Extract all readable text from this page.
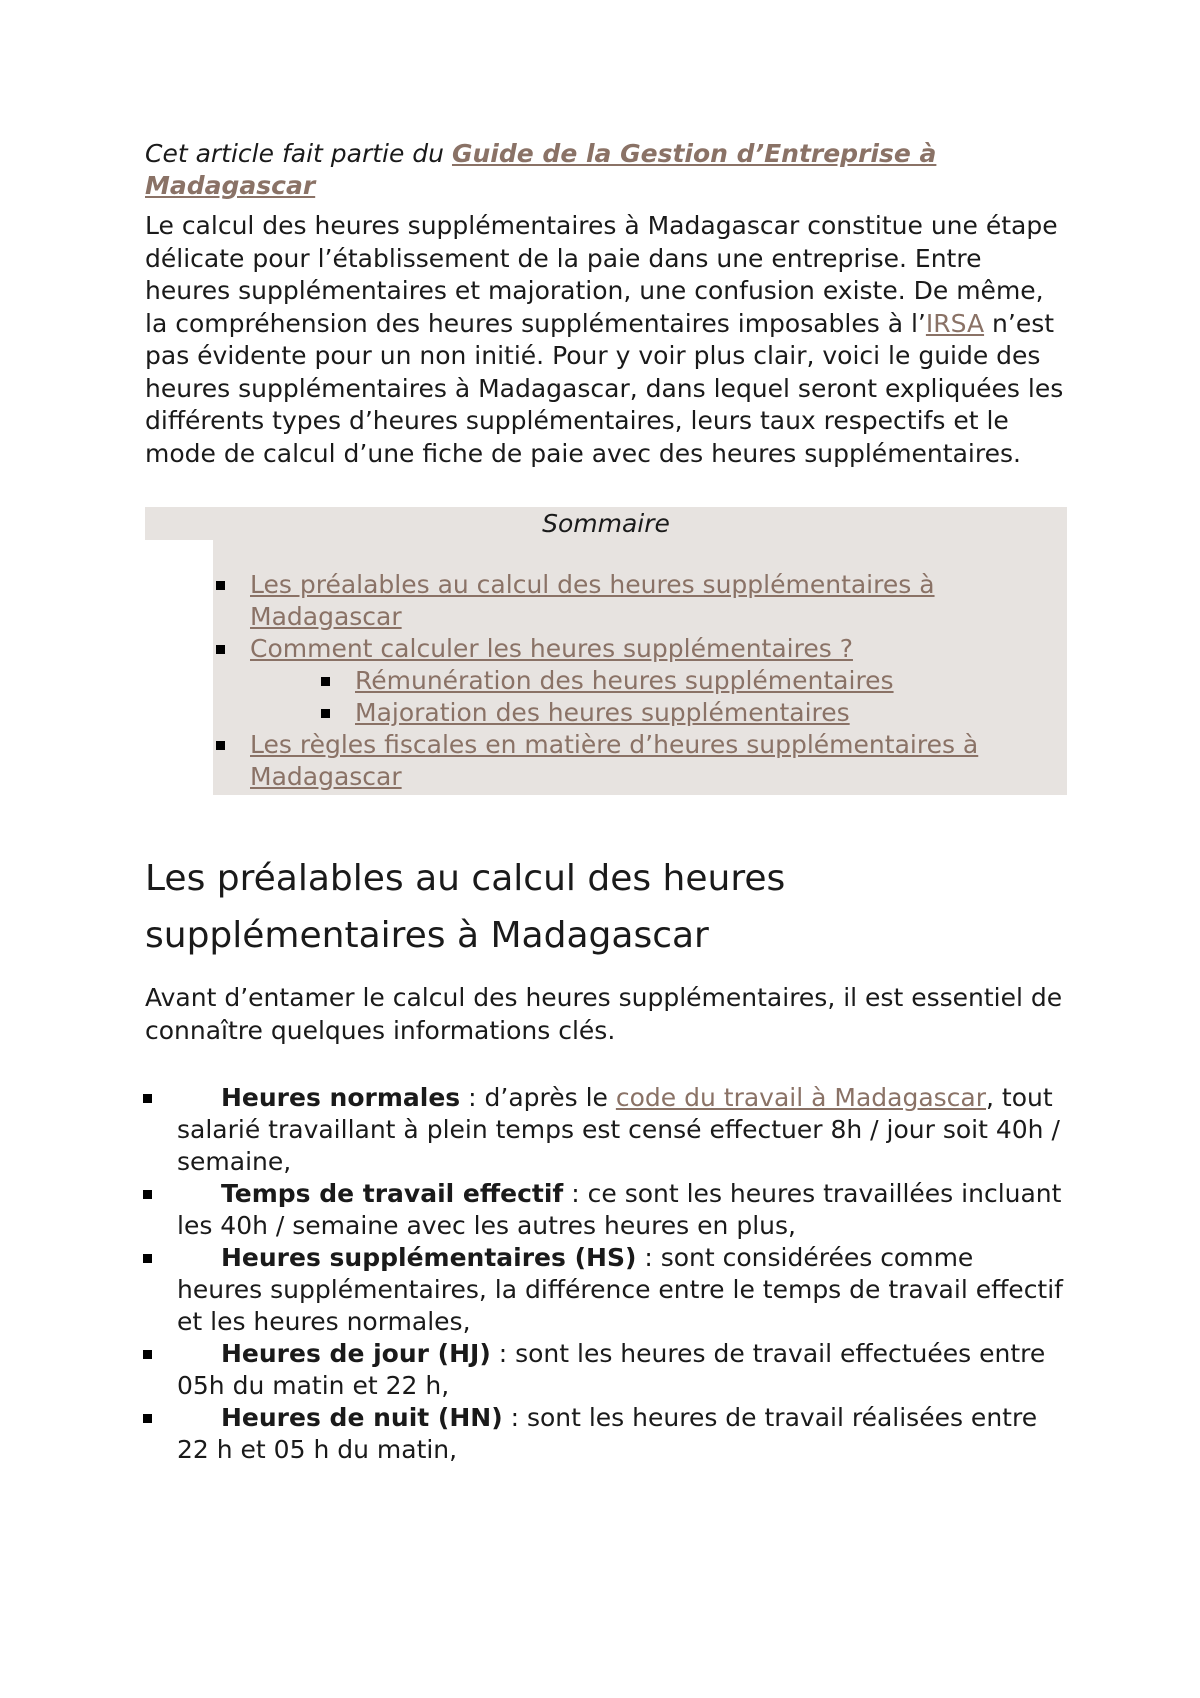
Cet article fait partie du Guide de la Gestion d’Entreprise à Madagascar

Le calcul des heures supplémentaires à Madagascar constitue une étape délicate pour l’établissement de la paie dans une entreprise. Entre heures supplémentaires et majoration, une confusion existe. De même, la compréhension des heures supplémentaires imposables à l’IRSA n’est pas évidente pour un non initié. Pour y voir plus clair, voici le guide des heures supplémentaires à Madagascar, dans lequel seront expliquées les différents types d’heures supplémentaires, leurs taux respectifs et le mode de calcul d’une fiche de paie avec des heures supplémentaires.

Sommaire
Les préalables au calcul des heures supplémentaires à Madagascar
Comment calculer les heures supplémentaires ?
Rémunération des heures supplémentaires
Majoration des heures supplémentaires
Les règles fiscales en matière d’heures supplémentaires à Madagascar
Les préalables au calcul des heures supplémentaires à Madagascar

Avant d’entamer le calcul des heures supplémentaires, il est essentiel de connaître quelques informations clés.

Heures normales : d’après le code du travail à Madagascar, tout salarié travaillant à plein temps est censé effectuer 8h / jour soit 40h / semaine,
Temps de travail effectif : ce sont les heures travaillées incluant les 40h / semaine avec les autres heures en plus,
Heures supplémentaires (HS) : sont considérées comme heures supplémentaires, la différence entre le temps de travail effectif et les heures normales,
Heures de jour (HJ) : sont les heures de travail effectuées entre 05h du matin et 22 h,
Heures de nuit (HN) : sont les heures de travail réalisées entre 22 h et 05 h du matin,
